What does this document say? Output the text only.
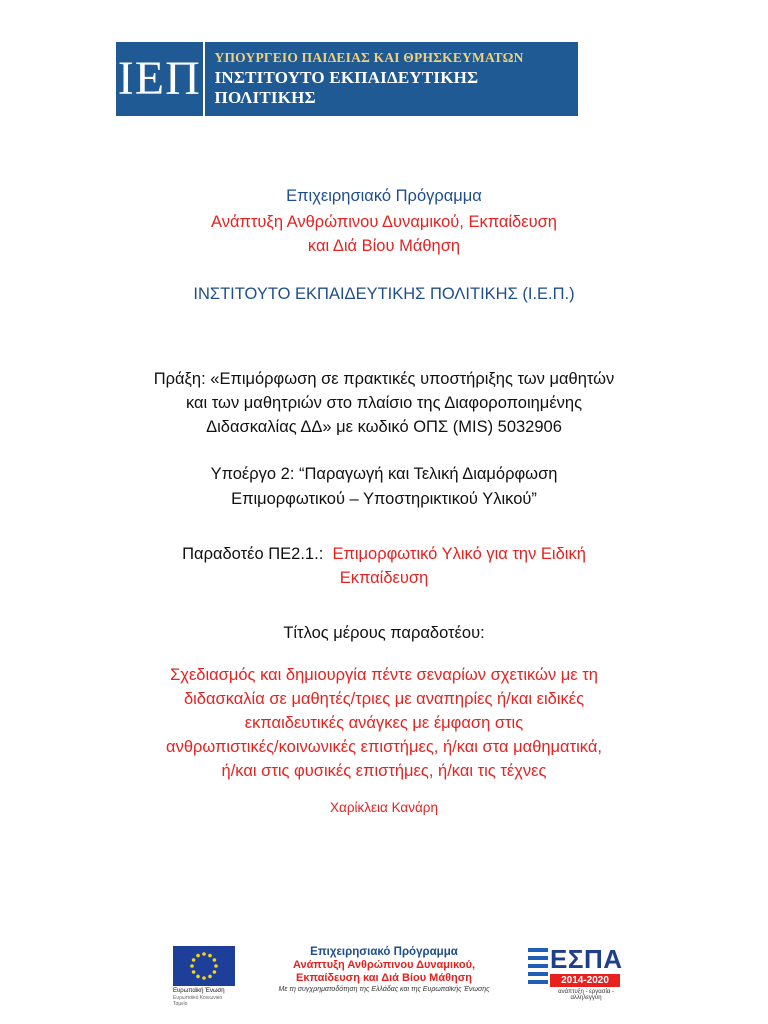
ΙΕΠ ΥΠΟΥΡΓΕΙΟ ΠΑΙΔΕΙΑΣ ΚΑΙ ΘΡΗΣΚΕΥΜΑΤΩΝ
ΙΝΣΤΙΤΟΥΤΟ ΕΚΠΑΙΔΕΥΤΙΚΗΣ ΠΟΛΙΤΙΚΗΣ
Επιχειρησιακό Πρόγραμμα
Ανάπτυξη Ανθρώπινου Δυναμικού, Εκπαίδευση
και Διά Βίου Μάθηση
ΙΝΣΤΙΤΟΥΤΟ ΕΚΠΑΙΔΕΥΤΙΚΗΣ ΠΟΛΙΤΙΚΗΣ (Ι.Ε.Π.)
Πράξη: «Επιμόρφωση σε πρακτικές υποστήριξης των μαθητών
και των μαθητριών στο πλαίσιο της Διαφοροποιημένης
Διδασκαλίας ΔΔ» με κωδικό ΟΠΣ (MIS) 5032906
Υποέργο 2: “Παραγωγή και Τελική Διαμόρφωση
Επιμορφωτικού – Υποστηρικτικού Υλικού”
Παραδοτέο ΠΕ2.1.: Επιμορφωτικό Υλικό για την Ειδική
Εκπαίδευση
Τίτλος μέρους παραδοτέου:
Σχεδιασμός και δημιουργία πέντε σεναρίων σχετικών με τη
διδασκαλία σε μαθητές/τριες με αναπηρίες ή/και ειδικές
εκπαιδευτικές ανάγκες με έμφαση στις
ανθρωπιστικές/κοινωνικές επιστήμες, ή/και στα μαθηματικά,
ή/και στις φυσικές επιστήμες, ή/και τις τέχνες
Χαρίκλεια Κανάρη
Ευρωπαϊκή Ένωση
Ευρωπαϊκό Κοινωνικό Ταμείο
Επιχειρησιακό Πρόγραμμα
Ανάπτυξη Ανθρώπινου Δυναμικού,
Εκπαίδευση και Διά Βίου Μάθηση
Με τη συγχρηματοδότηση της Ελλάδας και της Ευρωπαϊκής Ένωσης
ΕΣΠΑ
2014-2020
ανάπτυξη - εργασία - αλληλεγγύη
